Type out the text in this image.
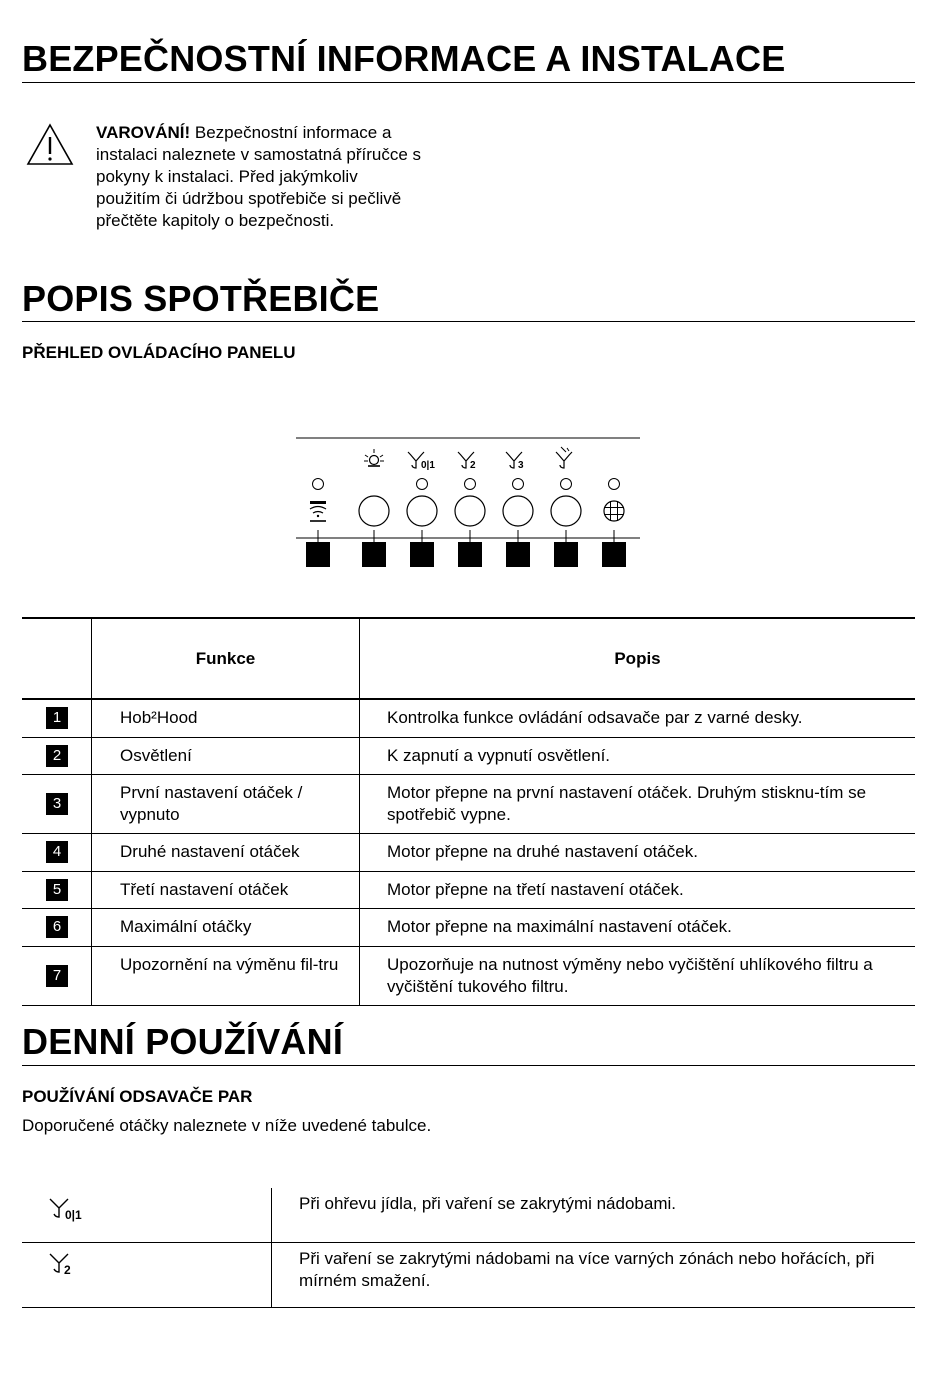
BEZPEČNOSTNÍ INFORMACE A INSTALACE
VAROVÁNÍ! Bezpečnostní informace a instalaci naleznete v samostatná příručce s pokyny k instalaci. Před jakýmkoliv použitím či údržbou spotřebiče si pečlivě přečtěte kapitoly o bezpečnosti.
POPIS SPOTŘEBIČE
PŘEHLED OVLÁDACÍHO PANELU
0|1	2	3
	Funkce	Popis
1	Hob²Hood	Kontrolka funkce ovládání odsavače par z varné desky.

2	Osvětlení	K zapnutí a vypnutí osvětlení.

3	První nastavení otáček / vypnuto	Motor přepne na první nastavení otáček. Druhým stisknu-tím se spotřebič vypne.

4	Druhé nastavení otáček	Motor přepne na druhé nastavení otáček.

5	Třetí nastavení otáček	Motor přepne na třetí nastavení otáček.

6	Maximální otáčky	Motor přepne na maximální nastavení otáček.

7	Upozornění na výměnu fil-tru	Upozorňuje na nutnost výměny nebo vyčištění uhlíkového filtru a vyčištění tukového filtru.
DENNÍ POUŽÍVÁNÍ
POUŽÍVÁNÍ ODSAVAČE PAR
Doporučené otáčky naleznete v níže uvedené tabulce.
0|1	Při ohřevu jídla, při vaření se zakrytými nádobami.

2	Při vaření se zakrytými nádobami na více varných zónách nebo hořácích, při mírném smažení.
